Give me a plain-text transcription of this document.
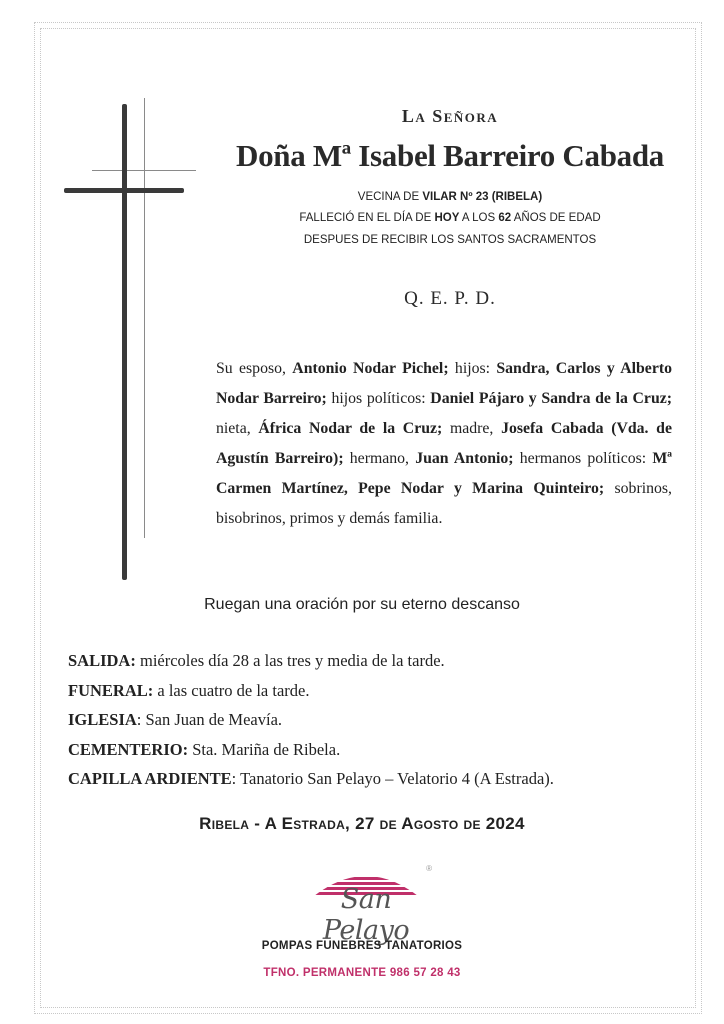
La Señora
Doña Mª Isabel Barreiro Cabada
VECINA DE VILAR Nº 23 (RIBELA)
FALLECIÓ EN EL DÍA DE HOY A LOS 62 AÑOS DE EDAD
DESPUES DE RECIBIR LOS SANTOS SACRAMENTOS
Q. E. P. D.
Su esposo, Antonio Nodar Pichel; hijos: Sandra, Carlos y Alberto Nodar Barreiro; hijos políticos: Daniel Pájaro y Sandra de la Cruz; nieta, África Nodar de la Cruz; madre, Josefa Cabada (Vda. de Agustín Barreiro); hermano, Juan Antonio; hermanos políticos: Mª Carmen Martínez, Pepe Nodar y Marina Quinteiro; sobrinos, bisobrinos, primos y demás familia.
Ruegan una oración por su eterno descanso
SALIDA: miércoles día 28 a las tres y media de la tarde.
FUNERAL: a las cuatro de la tarde.
IGLESIA: San Juan de Meavía.
CEMENTERIO: Sta. Mariña de Ribela.
CAPILLA ARDIENTE: Tanatorio San Pelayo – Velatorio 4 (A Estrada).
Ribela - A Estrada, 27 de Agosto de 2024
®
San Pelayo
POMPAS FUNEBRES TANATORIOS
TFNO. PERMANENTE 986 57 28 43
